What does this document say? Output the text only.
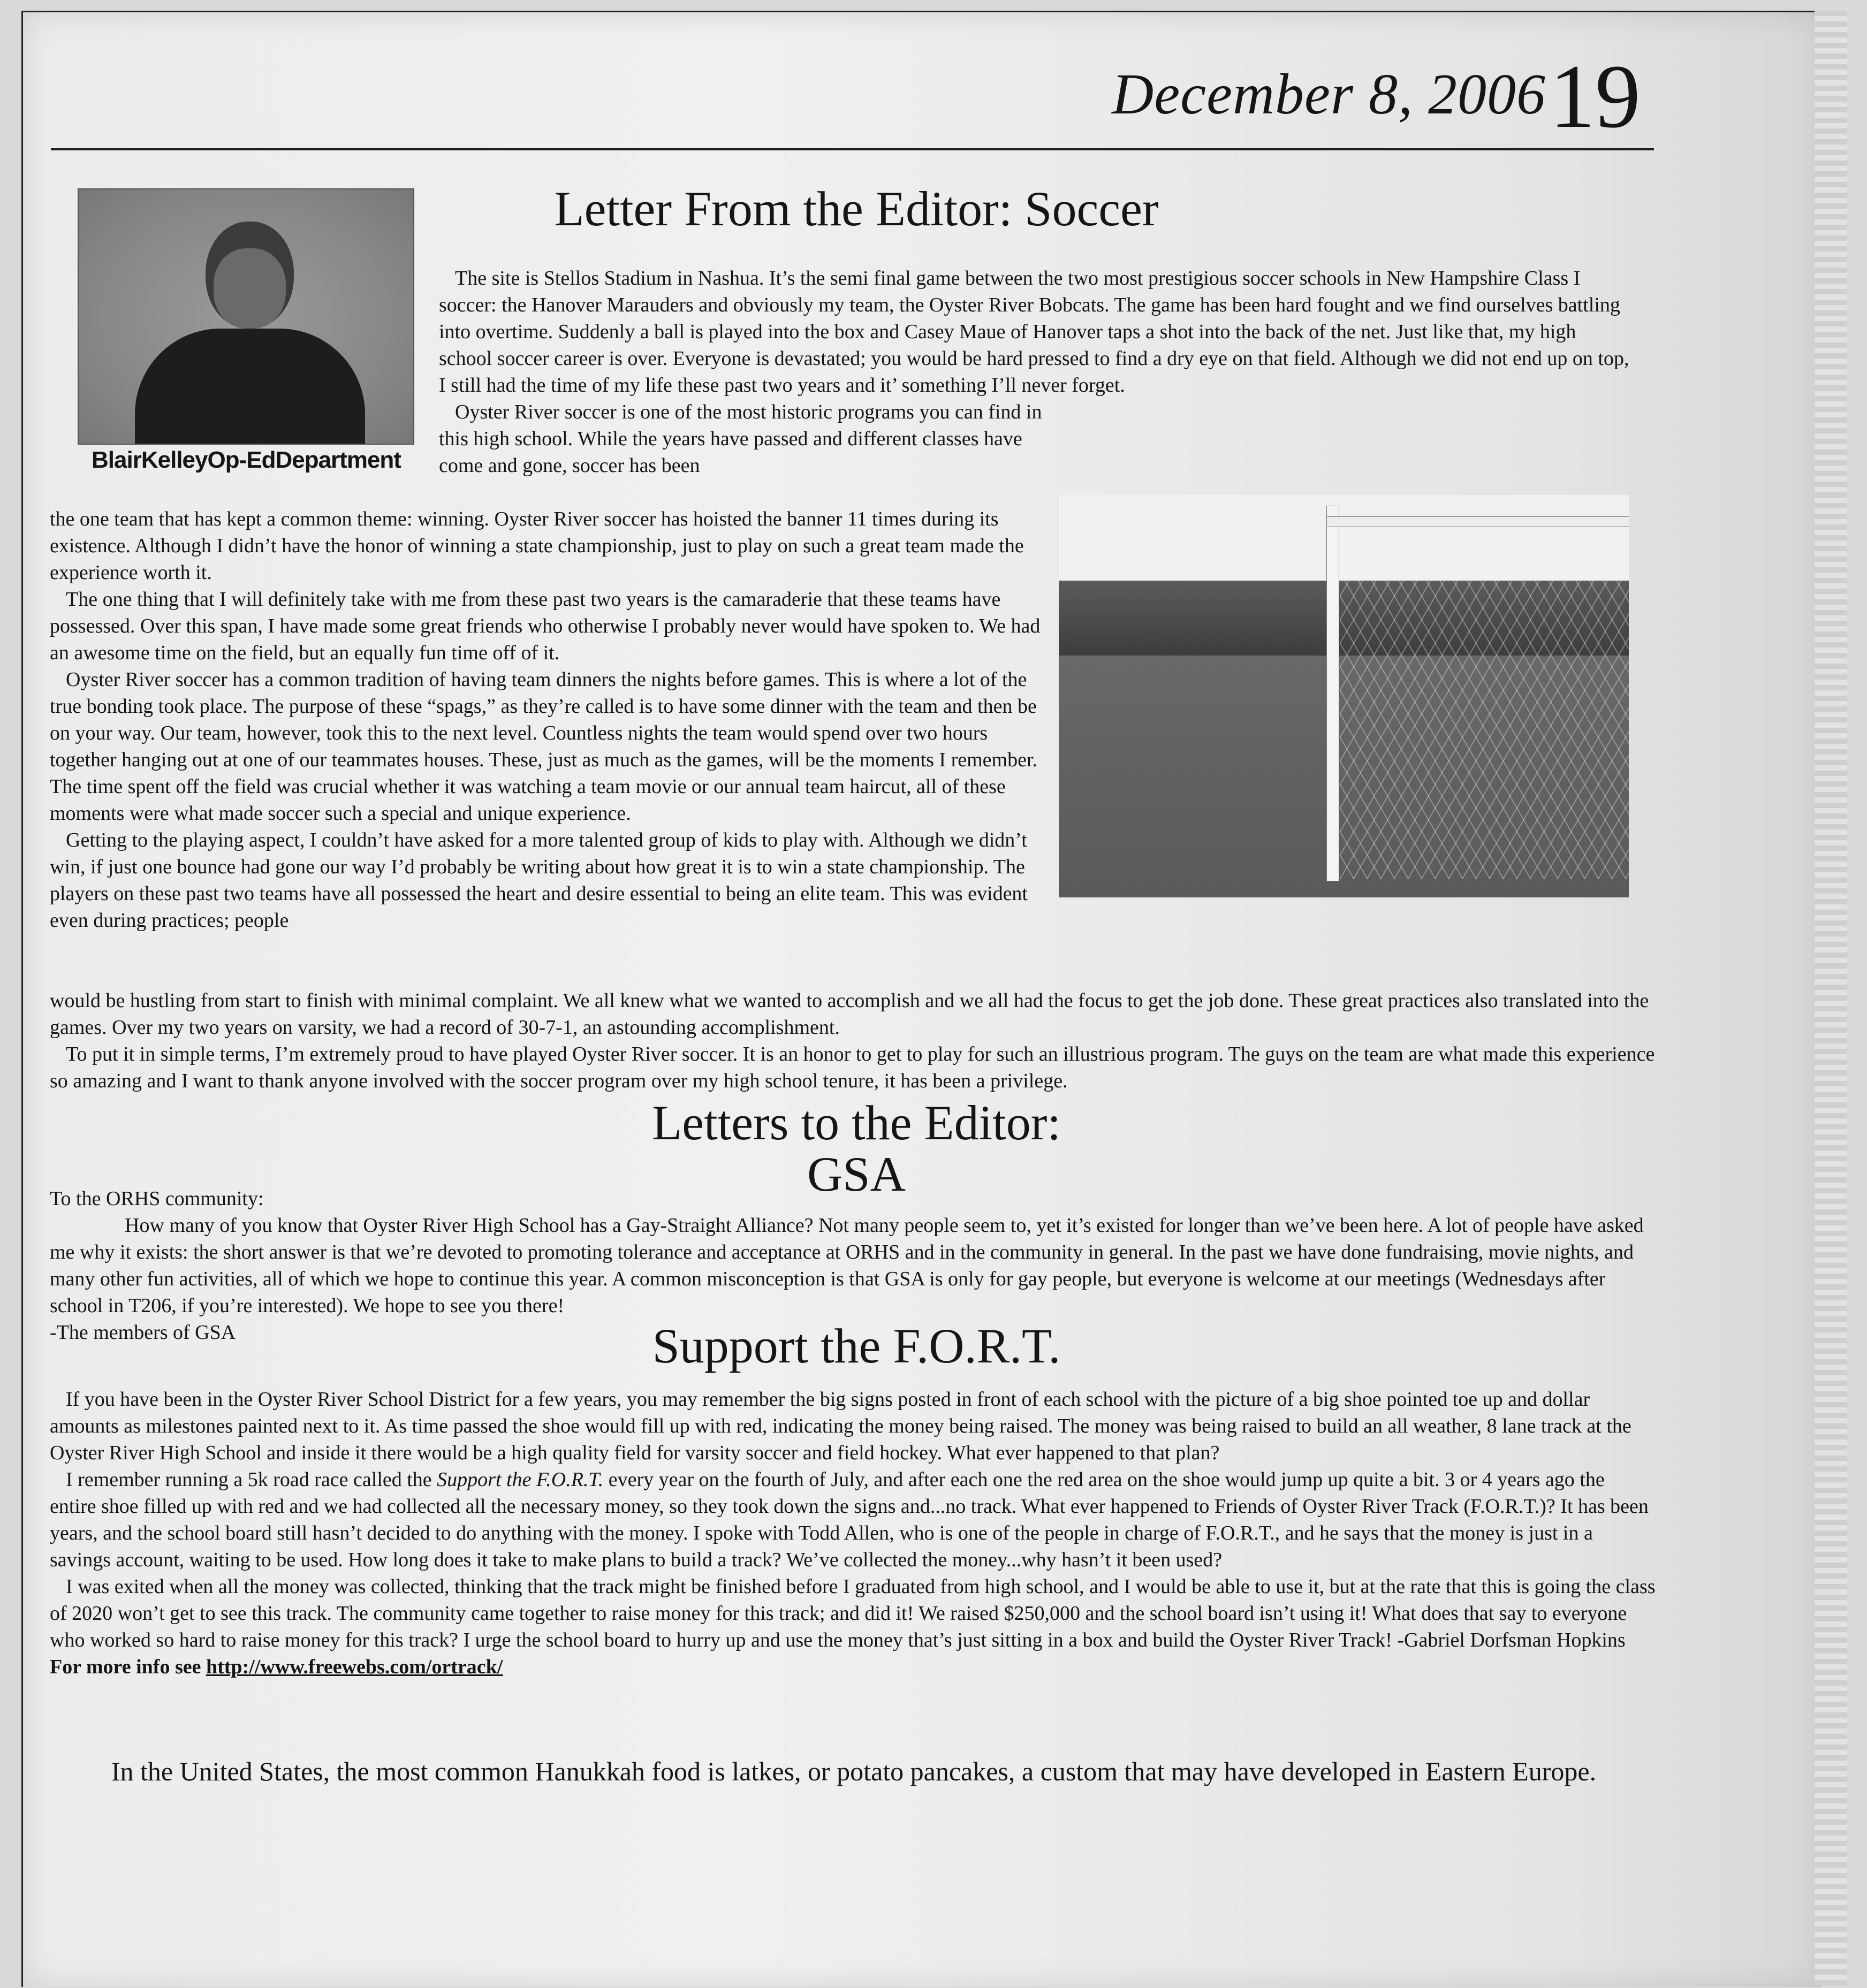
December 8, 2006 19
BlairKelleyOp-EdDepartment
Letter From the Editor: Soccer

The site is Stellos Stadium in Nashua. It’s the semi final game between the two most prestigious soccer schools in New Hampshire Class I soccer: the Hanover Marauders and obviously my team, the Oyster River Bobcats. The game has been hard fought and we find ourselves battling into overtime. Suddenly a ball is played into the box and Casey Maue of Hanover taps a shot into the back of the net. Just like that, my high school soccer career is over. Everyone is devastated; you would be hard pressed to find a dry eye on that field. Although we did not end up on top, I still had the time of my life these past two years and it’ something I’ll never forget.

Oyster River soccer is one of the most historic programs you can find in this high school. While the years have passed and different classes have come and gone, soccer has been

the one team that has kept a common theme: winning. Oyster River soccer has hoisted the banner 11 times during its existence. Although I didn’t have the honor of winning a state championship, just to play on such a great team made the experience worth it.

The one thing that I will definitely take with me from these past two years is the camaraderie that these teams have possessed. Over this span, I have made some great friends who otherwise I probably never would have spoken to. We had an awesome time on the field, but an equally fun time off of it.

Oyster River soccer has a common tradition of having team dinners the nights before games. This is where a lot of the true bonding took place. The purpose of these “spags,” as they’re called is to have some dinner with the team and then be on your way. Our team, however, took this to the next level. Countless nights the team would spend over two hours together hanging out at one of our teammates houses. These, just as much as the games, will be the moments I remember. The time spent off the field was crucial whether it was watching a team movie or our annual team haircut, all of these moments were what made soccer such a special and unique experience.

Getting to the playing aspect, I couldn’t have asked for a more talented group of kids to play with. Although we didn’t win, if just one bounce had gone our way I’d probably be writing about how great it is to win a state championship. The players on these past two teams have all possessed the heart and desire essential to being an elite team. This was evident even during practices; people

would be hustling from start to finish with minimal complaint. We all knew what we wanted to accomplish and we all had the focus to get the job done. These great practices also translated into the games. Over my two years on varsity, we had a record of 30-7-1, an astounding accomplishment.

To put it in simple terms, I’m extremely proud to have played Oyster River soccer. It is an honor to get to play for such an illustrious program. The guys on the team are what made this experience so amazing and I want to thank anyone involved with the soccer program over my high school tenure, it has been a privilege.

Letters to the Editor:
GSA

To the ORHS community:

How many of you know that Oyster River High School has a Gay-Straight Alliance? Not many people seem to, yet it’s existed for longer than we’ve been here. A lot of people have asked me why it exists: the short answer is that we’re devoted to promoting tolerance and acceptance at ORHS and in the community in general. In the past we have done fundraising, movie nights, and many other fun activities, all of which we hope to continue this year. A common misconception is that GSA is only for gay people, but everyone is welcome at our meetings (Wednesdays after school in T206, if you’re interested). We hope to see you there!

-The members of GSA	Support the F.O.R.T.

If you have been in the Oyster River School District for a few years, you may remember the big signs posted in front of each school with the picture of a big shoe pointed toe up and dollar amounts as milestones painted next to it. As time passed the shoe would fill up with red, indicating the money being raised. The money was being raised to build an all weather, 8 lane track at the Oyster River High School and inside it there would be a high quality field for varsity soccer and field hockey. What ever happened to that plan?

I remember running a 5k road race called the Support the F.O.R.T. every year on the fourth of July, and after each one the red area on the shoe would jump up quite a bit. 3 or 4 years ago the entire shoe filled up with red and we had collected all the necessary money, so they took down the signs and...no track. What ever happened to Friends of Oyster River Track (F.O.R.T.)? It has been years, and the school board still hasn’t decided to do anything with the money. I spoke with Todd Allen, who is one of the people in charge of F.O.R.T., and he says that the money is just in a savings account, waiting to be used. How long does it take to make plans to build a track? We’ve collected the money...why hasn’t it been used?

I was exited when all the money was collected, thinking that the track might be finished before I graduated from high school, and I would be able to use it, but at the rate that this is going the class of 2020 won’t get to see this track. The community came together to raise money for this track; and did it! We raised $250,000 and the school board isn’t using it! What does that say to everyone who worked so hard to raise money for this track? I urge the school board to hurry up and use the money that’s just sitting in a box and build the Oyster River Track! -Gabriel Dorfsman Hopkins

For more info see http://www.freewebs.com/ortrack/

In the United States, the most common Hanukkah food is latkes, or potato pancakes, a custom that may have developed in Eastern Europe.
